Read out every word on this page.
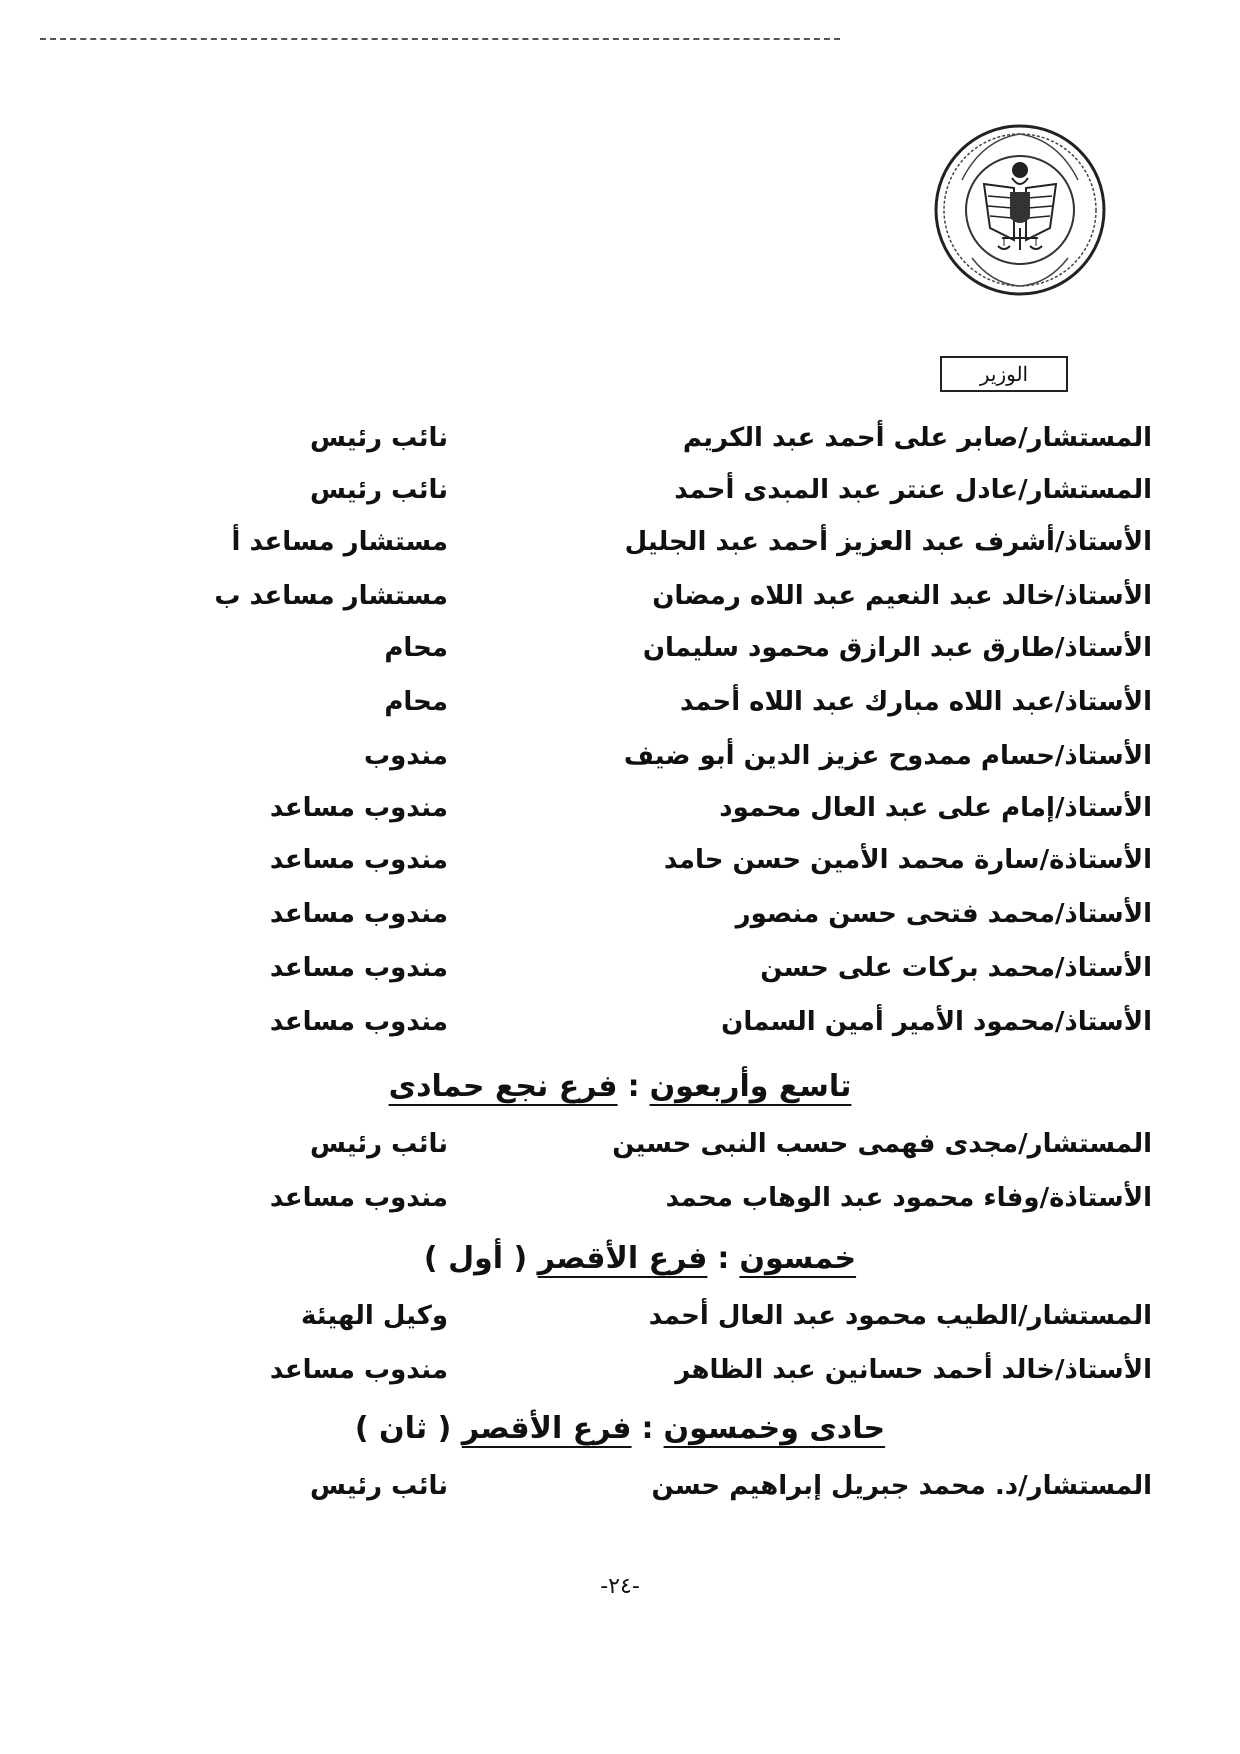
الوزير
المستشار/صابر على أحمد عبد الكريم
نائب رئيس
المستشار/عادل عنتر عبد المبدى أحمد
نائب رئيس
الأستاذ/أشرف عبد العزيز أحمد عبد الجليل
مستشار مساعد أ
الأستاذ/خالد عبد النعيم عبد اللاه رمضان
مستشار مساعد ب
الأستاذ/طارق عبد الرازق محمود سليمان
محام
الأستاذ/عبد اللاه مبارك عبد اللاه أحمد
محام
الأستاذ/حسام ممدوح عزيز الدين أبو ضيف
مندوب
الأستاذ/إمام على عبد العال محمود
مندوب مساعد
الأستاذة/سارة محمد الأمين حسن حامد
مندوب مساعد
الأستاذ/محمد فتحى حسن منصور
مندوب مساعد
الأستاذ/محمد بركات على حسن
مندوب مساعد
الأستاذ/محمود الأمير أمين السمان
مندوب مساعد
تاسع وأربعون:فرع نجع حمادى
المستشار/مجدى فهمى حسب النبى حسين
نائب رئيس
الأستاذة/وفاء محمود عبد الوهاب محمد
مندوب مساعد
خمسون:فرع الأقصر ( أول )
المستشار/الطيب محمود عبد العال أحمد
وكيل الهيئة
الأستاذ/خالد أحمد حسانين عبد الظاهر
مندوب مساعد
حادى وخمسون:فرع الأقصر ( ثان )
المستشار/د. محمد جبريل إبراهيم حسن
نائب رئيس
-٢٤-
